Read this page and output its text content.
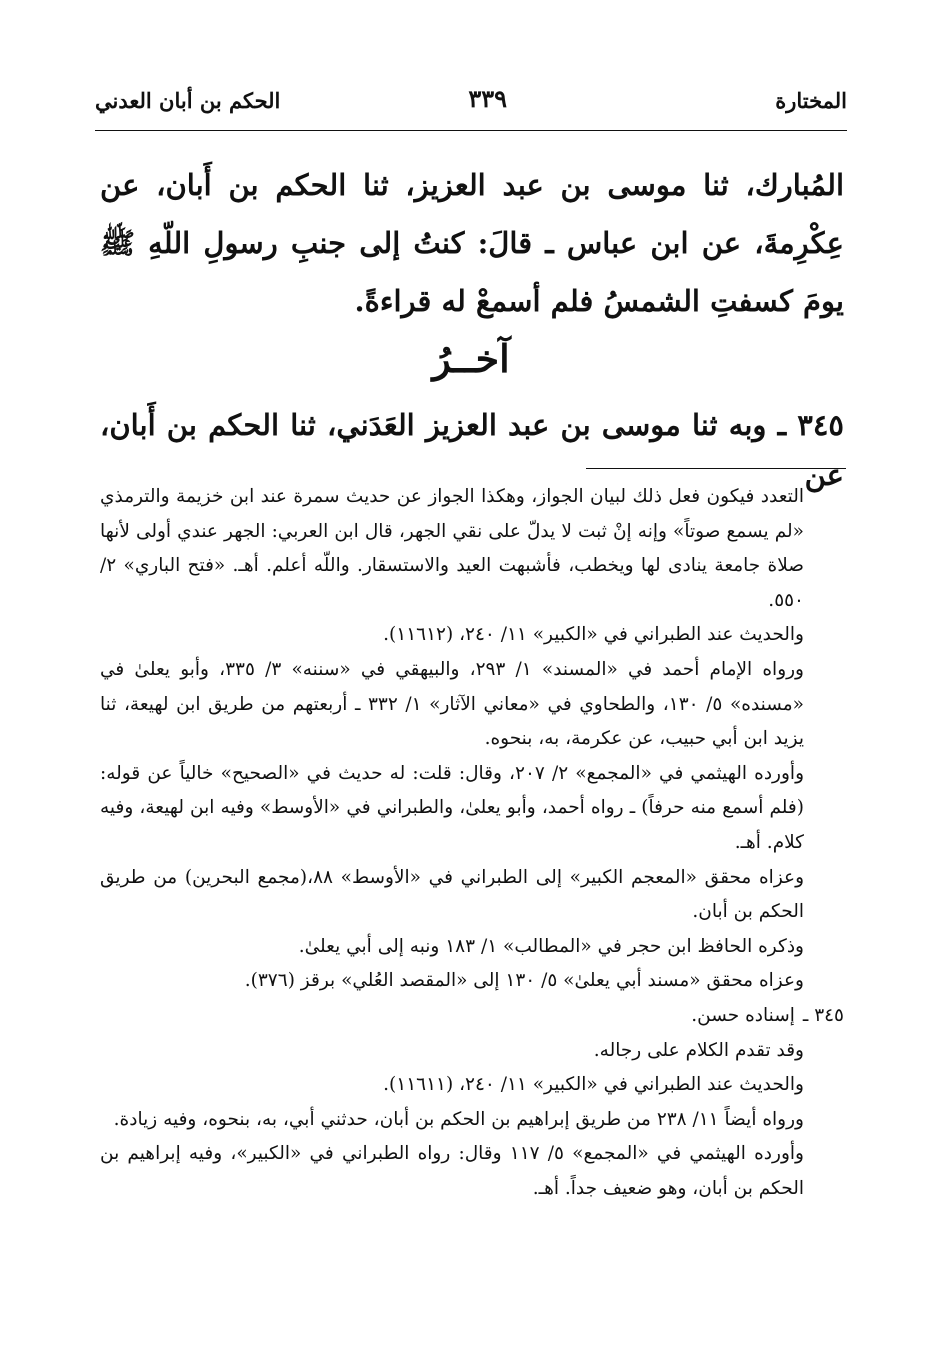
المختارة
٣٣٩
الحكم بن أبان العدني
المُبارك، ثنا موسى بن عبد العزيز، ثنا الحكم بن أَبان، عن عِكْرِمةَ، عن ابن عباس ـ قالَ: كنتُ إلى جنبِ رسولِ اللّهِ ﷺ يومَ كسفتِ الشمسُ فلم أسمعْ له قراءةً.
آخــرُ
٣٤٥ ـ وبه ثنا موسى بن عبد العزيز العَدَني، ثنا الحكم بن أَبان، عن

التعدد فيكون فعل ذلك لبيان الجواز، وهكذا الجواز عن حديث سمرة عند ابن خزيمة والترمذي «لم يسمع صوتاً» وإنه إنْ ثبت لا يدلّ على نقي الجهر، قال ابن العربي: الجهر عندي أولى لأنها صلاة جامعة ينادى لها ويخطب، فأشبهت العيد والاستسقار. واللّه أعلم. أهـ. «فتح الباري» ٢/ ٥٥٠.

والحديث عند الطبراني في «الكبير» ١١/ ٢٤٠، (١١٦١٢).

ورواه الإمام أحمد في «المسند» ١/ ٢٩٣، والبيهقي في «سننه» ٣/ ٣٣٥، وأبو يعلىٰ في «مسنده» ٥/ ١٣٠، والطحاوي في «معاني الآثار» ١/ ٣٣٢ ـ أربعتهم من طريق ابن لهيعة، ثنا يزيد ابن أبي حبيب، عن عكرمة، به، بنحوه.

وأورده الهيثمي في «المجمع» ٢/ ٢٠٧، وقال: قلت: له حديث في «الصحيح» خالياً عن قوله: (فلم أسمع منه حرفاً) ـ رواه أحمد، وأبو يعلىٰ، والطبراني في «الأوسط» وفيه ابن لهيعة، وفيه كلام. أهـ.

وعزاه محقق «المعجم الكبير» إلى الطبراني في «الأوسط» ٨٨،(مجمع البحرين) من طريق الحكم بن أبان.

وذكره الحافظ ابن حجر في «المطالب» ١/ ١٨٣ ونبه إلى أبي يعلىٰ.

وعزاه محقق «مسند أبي يعلىٰ» ٥/ ١٣٠ إلى «المقصد العُلي» برقز (٣٧٦).

٣٤٥ ـإسناده حسن.

وقد تقدم الكلام على رجاله.

والحديث عند الطبراني في «الكبير» ١١/ ٢٤٠، (١١٦١١).

ورواه أيضاً ١١/ ٢٣٨ من طريق إبراهيم بن الحكم بن أبان، حدثني أبي، به، بنحوه، وفيه زيادة.

وأورده الهيثمي في «المجمع» ٥/ ١١٧ وقال: رواه الطبراني في «الكبير»، وفيه إبراهيم بن الحكم بن أبان، وهو ضعيف جداً. أهـ.
